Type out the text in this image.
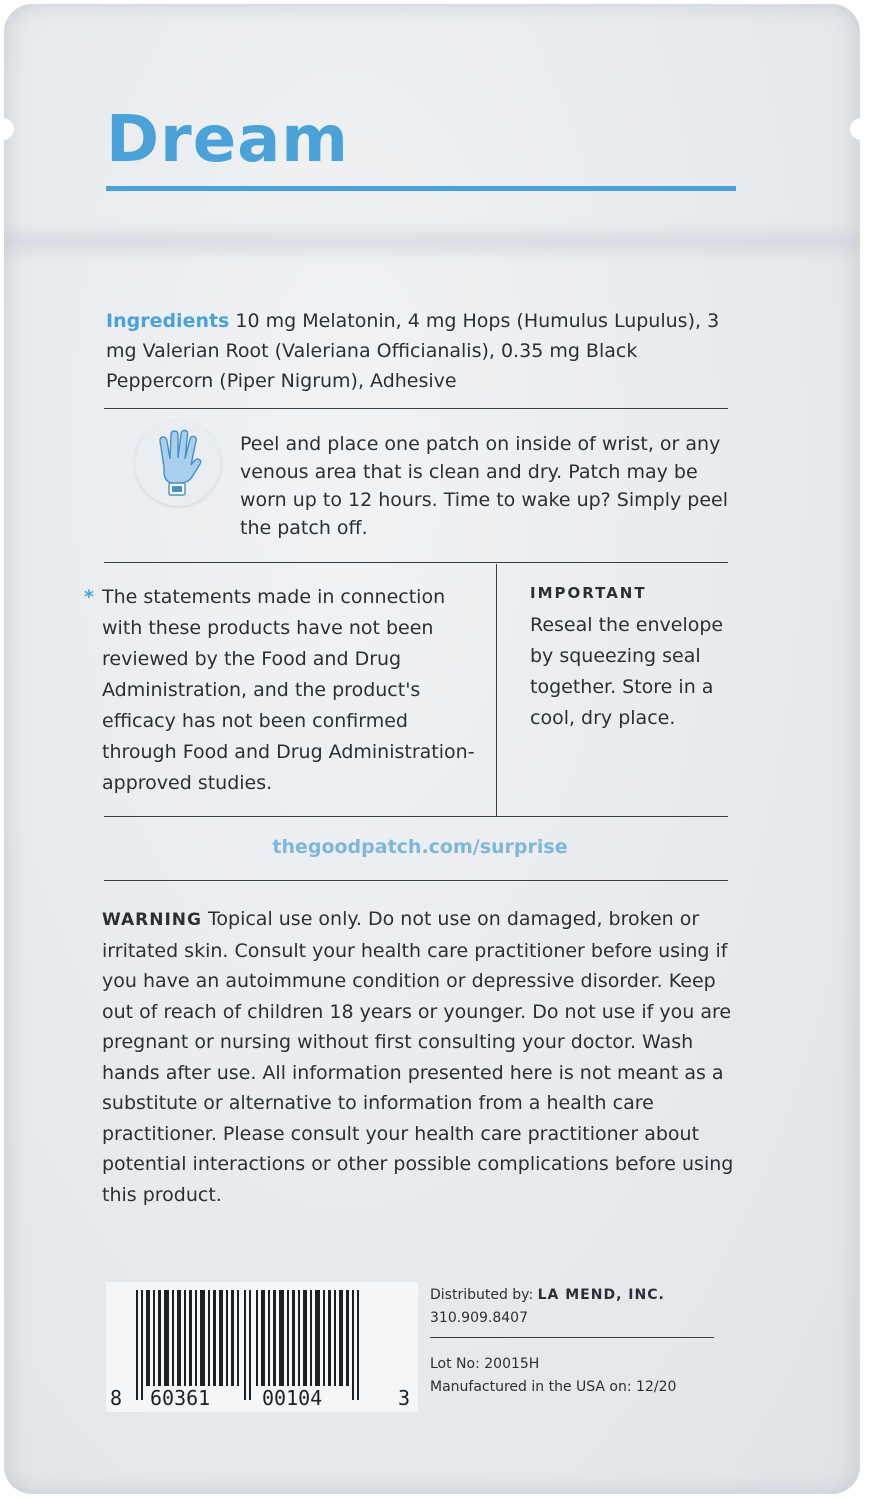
Dream

Ingredients 10 mg Melatonin, 4 mg Hops (Humulus Lupulus), 3 mg Valerian Root (Valeriana Officianalis), 0.35 mg Black Peppercorn (Piper Nigrum), Adhesive

Peel and place one patch on inside of wrist, or any venous area that is clean and dry. Patch may be worn up to 12 hours. Time to wake up? Simply peel the patch off.

* The statements made in connection with these products have not been reviewed by the Food and Drug Administration, and the product's efficacy has not been confirmed through Food and Drug Administration-approved studies.

IMPORTANT

Reseal the envelope by squeezing seal together. Store in a cool, dry place.

thegoodpatch.com/surprise

WARNING Topical use only. Do not use on damaged, broken or irritated skin. Consult your health care practitioner before using if you have an autoimmune condition or depressive disorder. Keep out of reach of children 18 years or younger. Do not use if you are pregnant or nursing without first consulting your doctor. Wash hands after use. All information presented here is not meant as a substitute or alternative to information from a health care practitioner. Please consult your health care practitioner about potential interactions or other possible complications before using this product.

8 60361	00104	3
Distributed by: LA MEND, INC.
310.909.8407
Lot No: 20015H
Manufactured in the USA on: 12/20
